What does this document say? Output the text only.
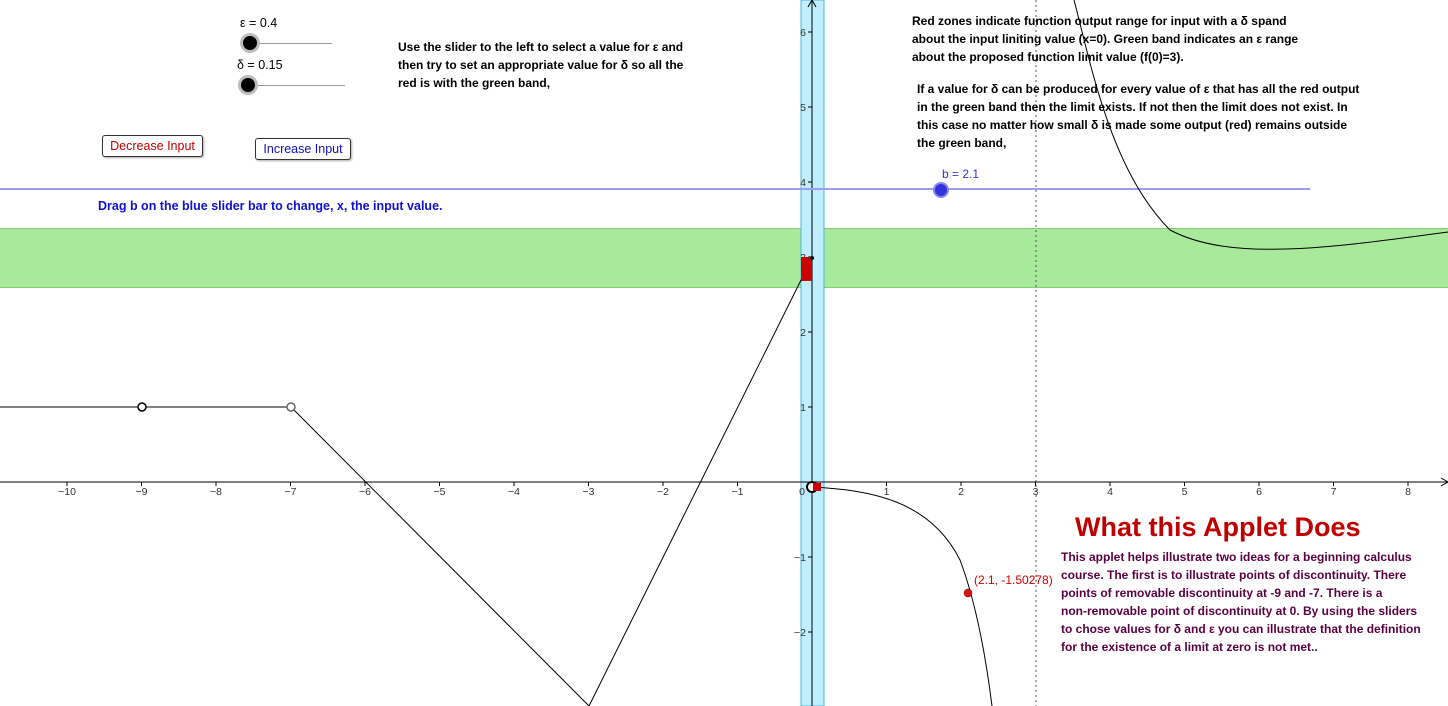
−10	−9	−8	−7	−6	−5	−4	−3	−2	−1	0	1	2	3	4	5	6	7	8
6
5
4
2
1
−1
−2
b = 2.1
(2.1, -1.50278)
ε = 0.4
δ = 0.15
Decrease Input	Increase Input
Use the slider to the left to select a value for ε and
then try to set an appropriate value for δ so all the
red is with the green band,
Red zones indicate function output range for input with a δ spand
about the input liniting value (x=0). Green band indicates an ε range
about the proposed function limit value (f(0)=3).
If a value for δ can be produced for every value of ε that has all the red output
in the green band then the limit exists. If not then the limit does not exist. In
this case no matter how small δ is made some output (red) remains outside
the green band,
Drag b on the blue slider bar to change, x, the input value.
What this Applet Does
This applet helps illustrate two ideas for a beginning calculus
course. The first is to illustrate points of discontinuity. There
points of removable discontinuity at -9 and -7. There is a
non-removable point of discontinuity at 0. By using the sliders
to chose values for δ and ε you can illustrate that the definition
for the existence of a limit at zero is not met..
